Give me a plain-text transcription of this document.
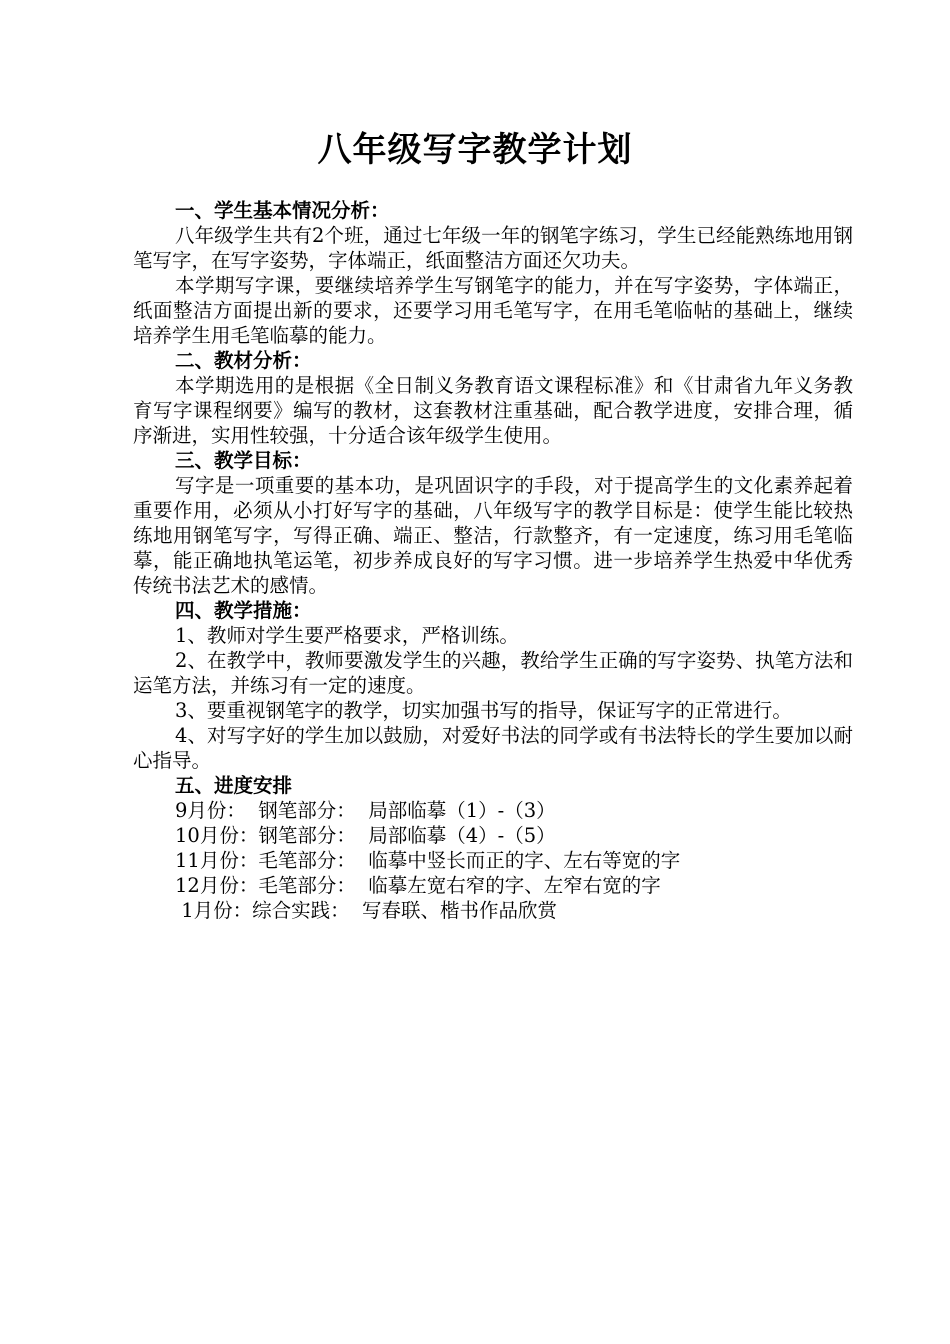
八年级写字教学计划

一、学生基本情况分析：

八年级学生共有2个班，通过七年级一年的钢笔字练习，学生已经能熟练地用钢笔写字，在写字姿势，字体端正，纸面整洁方面还欠功夫。

本学期写字课，要继续培养学生写钢笔字的能力，并在写字姿势，字体端正，纸面整洁方面提出新的要求，还要学习用毛笔写字，在用毛笔临帖的基础上，继续培养学生用毛笔临摹的能力。

二、教材分析：

本学期选用的是根据《全日制义务教育语文课程标准》和《甘肃省九年义务教育写字课程纲要》编写的教材，这套教材注重基础，配合教学进度，安排合理，循序渐进，实用性较强，十分适合该年级学生使用。

三、教学目标：

写字是一项重要的基本功，是巩固识字的手段，对于提高学生的文化素养起着重要作用，必须从小打好写字的基础，八年级写字的教学目标是：使学生能比较热练地用钢笔写字，写得正确、端正、整洁，行款整齐，有一定速度，练习用毛笔临摹，能正确地执笔运笔，初步养成良好的写字习惯。进一步培养学生热爱中华优秀传统书法艺术的感情。

四、教学措施：

1、教师对学生要严格要求，严格训练。

2、在教学中，教师要激发学生的兴趣，教给学生正确的写字姿势、执笔方法和运笔方法，并练习有一定的速度。

3、要重视钢笔字的教学，切实加强书写的指导，保证写字的正常进行。

4、对写字好的学生加以鼓励，对爱好书法的同学或有书法特长的学生要加以耐心指导。

五、进度安排

9月份：  钢笔部分：  局部临摹（1）-（3）

10月份：钢笔部分：  局部临摹（4）-（5）

11月份：毛笔部分：  临摹中竖长而正的字、左右等宽的字

12月份：毛笔部分：  临摹左宽右窄的字、左窄右宽的字

1月份：综合实践：  写春联、楷书作品欣赏
